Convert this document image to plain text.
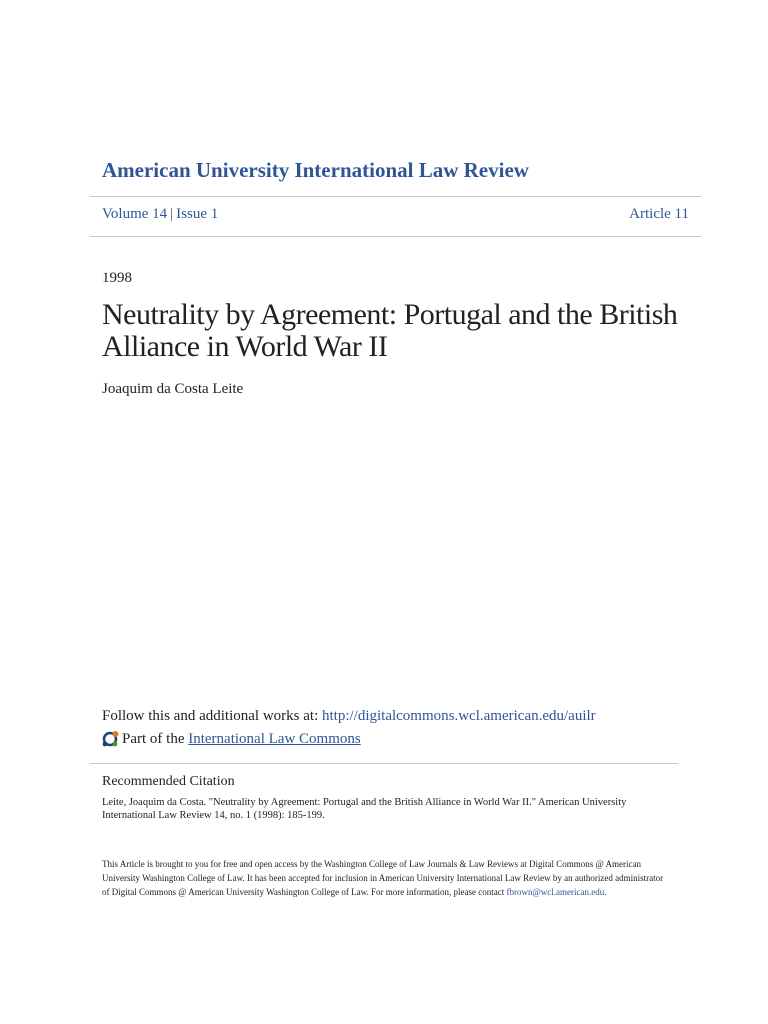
American University International Law Review
Volume 14 | Issue 1	Article 11
1998
Neutrality by Agreement: Portugal and the British Alliance in World War II
Joaquim da Costa Leite
Follow this and additional works at: http://digitalcommons.wcl.american.edu/auilr
Part of the
International Law Commons
Recommended Citation
Leite, Joaquim da Costa. "Neutrality by Agreement: Portugal and the British Alliance in World War II." American University International Law Review 14, no. 1 (1998): 185-199.
This Article is brought to you for free and open access by the Washington College of Law Journals & Law Reviews at Digital Commons @ American University Washington College of Law. It has been accepted for inclusion in American University International Law Review by an authorized administrator of Digital Commons @ American University Washington College of Law. For more information, please contact fbrown@wcl.american.edu.
